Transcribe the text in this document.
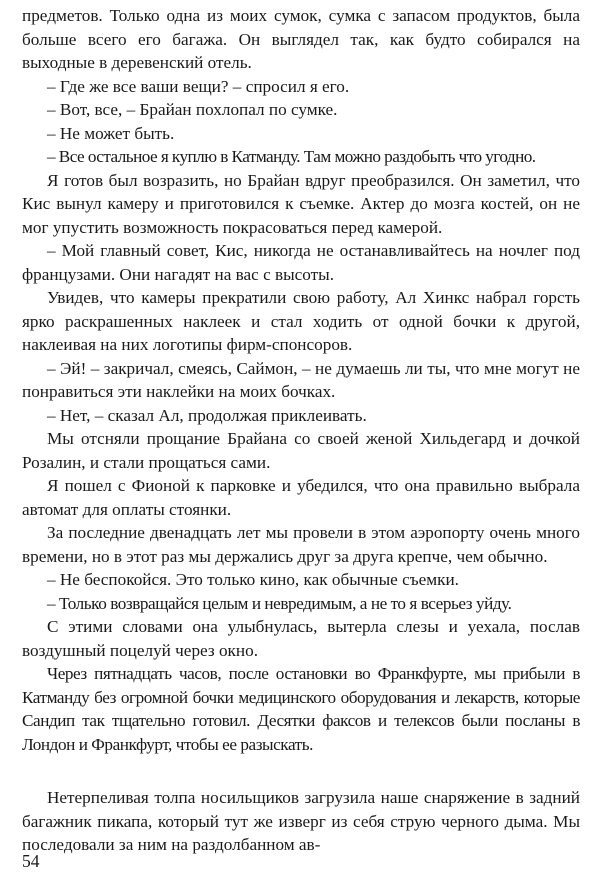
предметов. Только одна из моих сумок, сумка с запасом продуктов, была больше всего его багажа. Он выглядел так, как будто собирался на выходные в деревенский отель.

– Где же все ваши вещи? – спросил я его.

– Вот, все, – Брайан похлопал по сумке.

– Не может быть.

– Все остальное я куплю в Катманду. Там можно раздобыть что угодно.

Я готов был возразить, но Брайан вдруг преобразился. Он заметил, что Кис вынул камеру и приготовился к съемке. Актер до мозга костей, он не мог упустить возможность покрасоваться перед камерой.

– Мой главный совет, Кис, никогда не останавливайтесь на ночлег под французами. Они нагадят на вас с высоты.

Увидев, что камеры прекратили свою работу, Ал Хинкс набрал горсть ярко раскрашенных наклеек и стал ходить от одной бочки к другой, наклеивая на них логотипы фирм-спонсоров.

– Эй! – закричал, смеясь, Саймон, – не думаешь ли ты, что мне могут не понравиться эти наклейки на моих бочках.

– Нет, – сказал Ал, продолжая приклеивать.

Мы отсняли прощание Брайана со своей женой Хильдегард и дочкой Розалин, и стали прощаться сами.

Я пошел с Фионой к парковке и убедился, что она правильно выбрала автомат для оплаты стоянки.

За последние двенадцать лет мы провели в этом аэропорту очень много времени, но в этот раз мы держались друг за друга крепче, чем обычно.

– Не беспокойся. Это только кино, как обычные съемки.

– Только возвращайся целым и невредимым, а не то я всерьез уйду.

С этими словами она улыбнулась, вытерла слезы и уехала, послав воздушный поцелуй через окно.

Через пятнадцать часов, после остановки во Франкфурте, мы прибыли в Катманду без огромной бочки медицинского оборудования и лекарств, которые Сандип так тщательно готовил. Десятки факсов и телексов были посланы в Лондон и Франкфурт, чтобы ее разыскать.

Нетерпеливая толпа носильщиков загрузила наше снаряжение в задний багажник пикапа, который тут же изверг из себя струю черного дыма. Мы последовали за ним на раздолбанном ав-

54
